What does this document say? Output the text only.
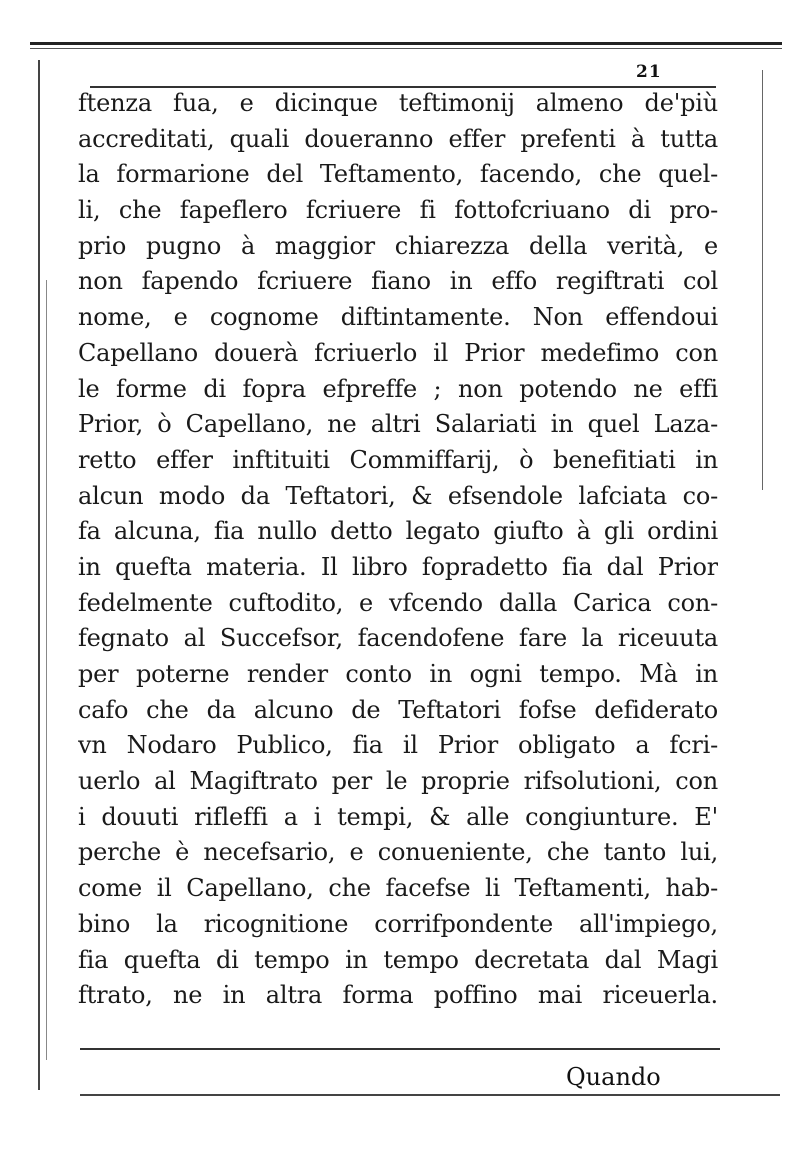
21
ftenza fua, e dicinque teftimonij almeno de'più
accreditati, quali doueranno effer prefenti à tutta
la formarione del Teftamento, facendo, che quel-
li, che fapeflero fcriuere fi fottofcriuano di pro-
prio pugno à maggior chiarezza della verità, e
non fapendo fcriuere fiano in effo regiftrati col
nome, e cognome diftintamente. Non effendoui
Capellano douerà fcriuerlo il Prior medefimo con
le forme di fopra efpreffe ; non potendo ne effi
Prior, ò Capellano, ne altri Salariati in quel Laza-
retto effer inftituiti Commiffarij, ò benefitiati in
alcun modo da Teftatori, & efsendole lafciata co-
fa alcuna, fia nullo detto legato giufto à gli ordini
in quefta materia. Il libro fopradetto fia dal Prior
fedelmente cuftodito, e vfcendo dalla Carica con-
fegnato al Succefsor, facendofene fare la riceuuta
per poterne render conto in ogni tempo. Mà in
cafo che da alcuno de Teftatori fofse defiderato
vn Nodaro Publico, fia il Prior obligato a fcri-
uerlo al Magiftrato per le proprie rifsolutioni, con
i douuti rifleffi a i tempi, & alle congiunture. E'
perche è necefsario, e conueniente, che tanto lui,
come il Capellano, che facefse li Teftamenti, hab-
bino la ricognitione corrifpondente all'impiego,
fia quefta di tempo in tempo decretata dal Magi
ftrato, ne in altra forma poffino mai riceuerla.
Quando
